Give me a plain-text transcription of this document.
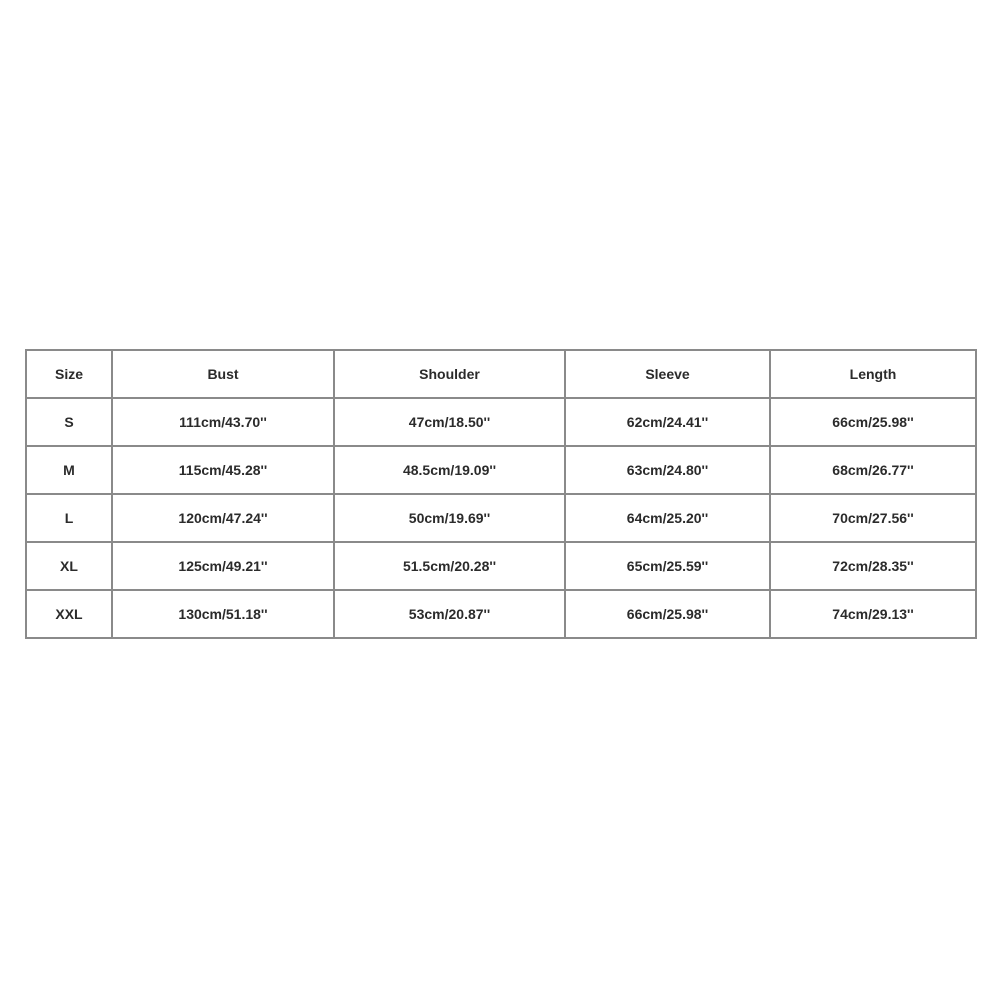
Size	Bust	Shoulder	Sleeve	Length
S	111cm/43.70''	47cm/18.50''	62cm/24.41''	66cm/25.98''
M	115cm/45.28''	48.5cm/19.09''	63cm/24.80''	68cm/26.77''
L	120cm/47.24''	50cm/19.69''	64cm/25.20''	70cm/27.56''
XL	125cm/49.21''	51.5cm/20.28''	65cm/25.59''	72cm/28.35''
XXL	130cm/51.18''	53cm/20.87''	66cm/25.98''	74cm/29.13''
